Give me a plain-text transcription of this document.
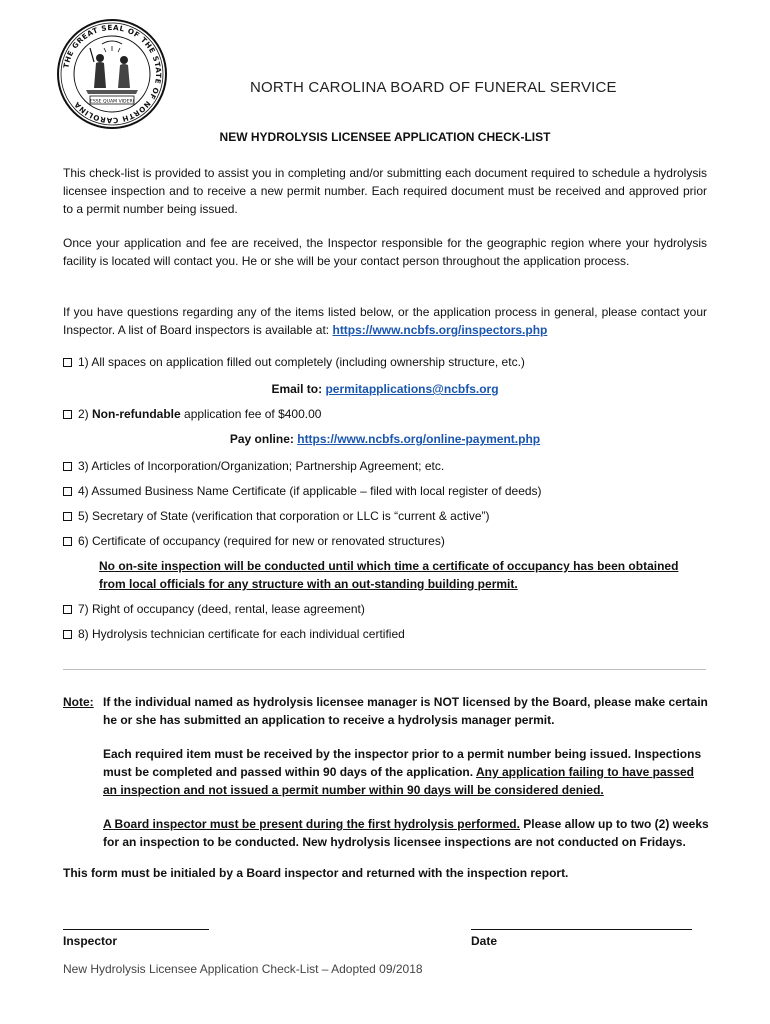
THE GREAT SEAL OF THE STATE OF NORTH CAROLINA	ESSE QUAM VIDERI
NORTH CAROLINA BOARD OF FUNERAL SERVICE
NEW HYDROLYSIS LICENSEE APPLICATION CHECK-LIST
This check-list is provided to assist you in completing and/or submitting each document required to schedule a hydrolysis licensee inspection and to receive a new permit number. Each required document must be received and approved prior to a permit number being issued.
Once your application and fee are received, the Inspector responsible for the geographic region where your hydrolysis facility is located will contact you. He or she will be your contact person throughout the application process.
If you have questions regarding any of the items listed below, or the application process in general, please contact your Inspector. A list of Board inspectors is available at: https://www.ncbfs.org/inspectors.php
1) All spaces on application filled out completely (including ownership structure, etc.)
Email to: permitapplications@ncbfs.org
2) Non-refundable application fee of $400.00
Pay online: https://www.ncbfs.org/online-payment.php
3) Articles of Incorporation/Organization; Partnership Agreement; etc.
4) Assumed Business Name Certificate (if applicable – filed with local register of deeds)
5) Secretary of State (verification that corporation or LLC is “current & active”)
6) Certificate of occupancy (required for new or renovated structures)
No on-site inspection will be conducted until which time a certificate of occupancy has been obtained from local officials for any structure with an out-standing building permit.
7) Right of occupancy (deed, rental, lease agreement)
8) Hydrolysis technician certificate for each individual certified
Note: If the individual named as hydrolysis licensee manager is NOT licensed by the Board, please make certain he or she has submitted an application to receive a hydrolysis manager permit.
Each required item must be received by the inspector prior to a permit number being issued. Inspections must be completed and passed within 90 days of the application. Any application failing to have passed an inspection and not issued a permit number within 90 days will be considered denied.
A Board inspector must be present during the first hydrolysis performed. Please allow up to two (2) weeks for an inspection to be conducted. New hydrolysis licensee inspections are not conducted on Fridays.
This form must be initialed by a Board inspector and returned with the inspection report.
Inspector	Date
New Hydrolysis Licensee Application Check-List – Adopted 09/2018
